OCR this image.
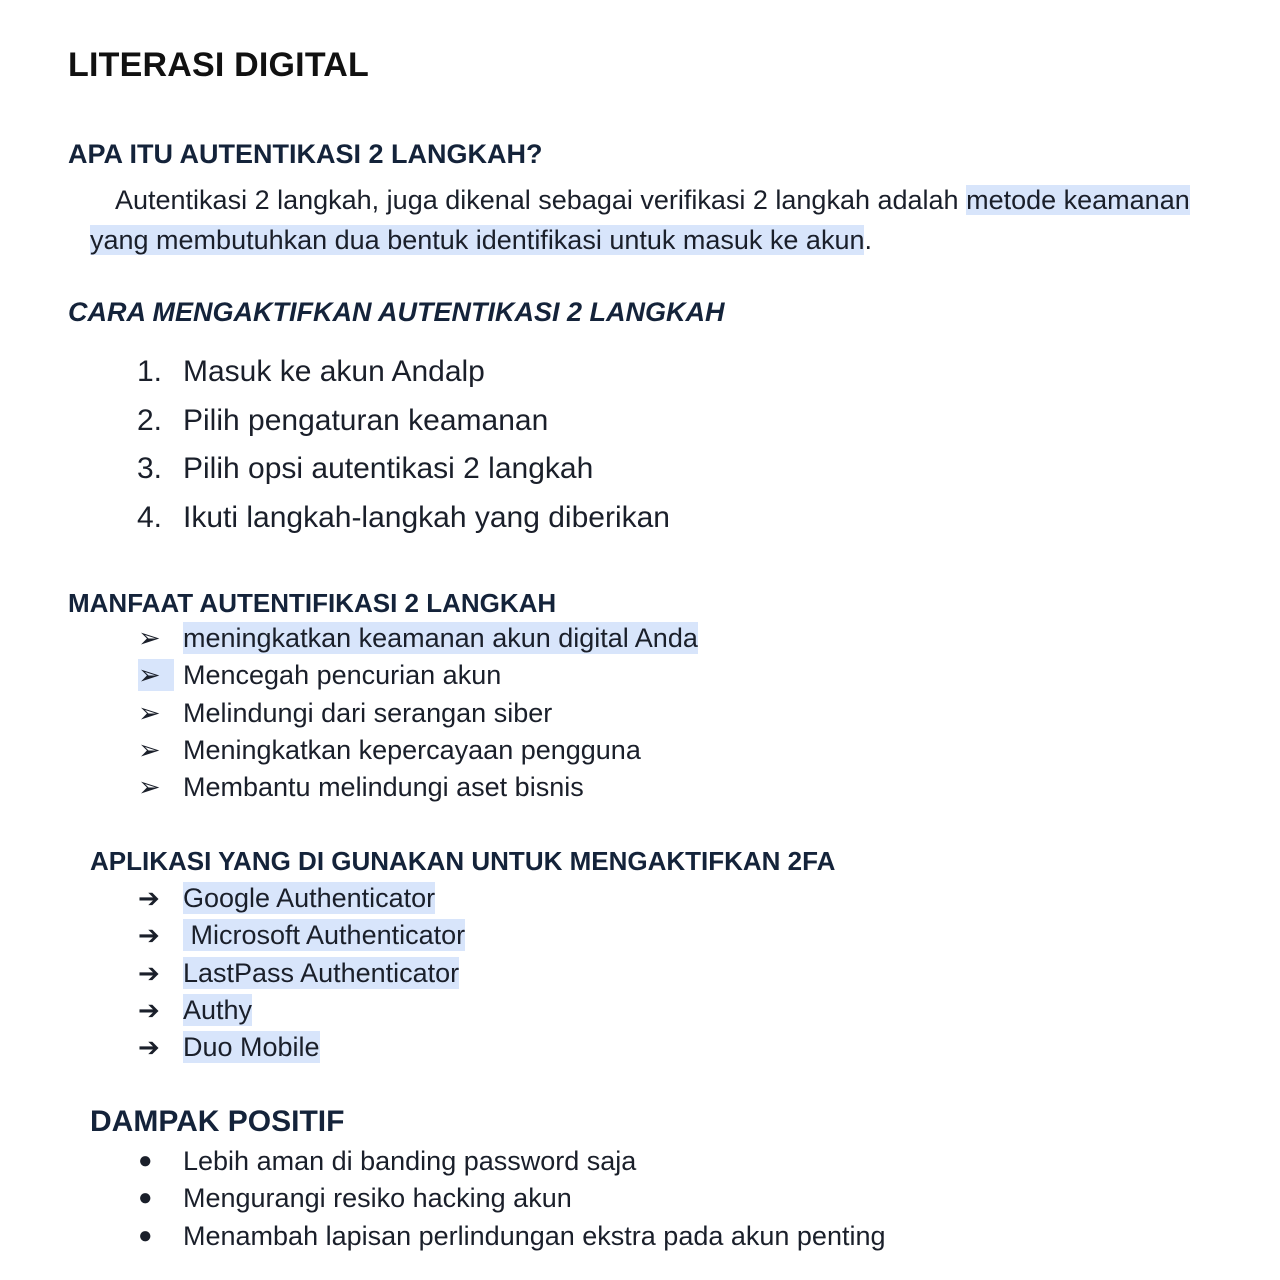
LITERASI DIGITAL
APA ITU AUTENTIKASI 2 LANGKAH?

Autentikasi 2 langkah, juga dikenal sebagai verifikasi 2 langkah adalah metode keamanan yang membutuhkan dua bentuk identifikasi untuk masuk ke akun.

CARA MENGAKTIFKAN AUTENTIKASI 2 LANGKAH
1. Masuk ke akun Andalp
2. Pilih pengaturan keamanan
3. Pilih opsi autentikasi 2 langkah
4. Ikuti langkah-langkah yang diberikan
MANFAAT AUTENTIFIKASI 2 LANGKAH
➢ meningkatkan keamanan akun digital Anda
➢ Mencegah pencurian akun
➢ Melindungi dari serangan siber
➢ Meningkatkan kepercayaan pengguna
➢ Membantu melindungi aset bisnis
APLIKASI YANG DI GUNAKAN UNTUK MENGAKTIFKAN 2FA
➔ Google Authenticator
➔ Microsoft Authenticator
➔ LastPass Authenticator
➔ Authy
➔ Duo Mobile
DAMPAK POSITIF
●	Lebih aman di banding password saja
●	Mengurangi resiko hacking akun
●	Menambah lapisan perlindungan ekstra pada akun penting
